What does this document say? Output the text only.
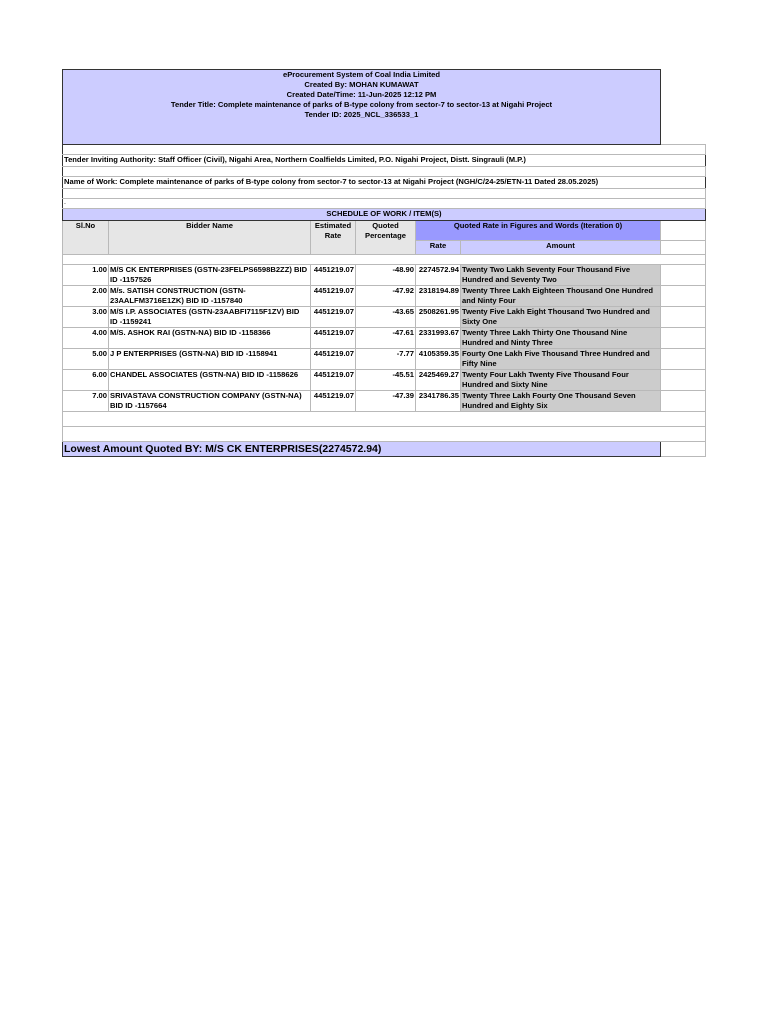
eProcurement System of Coal India Limited
Created By: MOHAN KUMAWAT
Created Date/Time: 11-Jun-2025 12:12 PM
Tender Title: Complete maintenance of parks of B-type colony from sector-7 to sector-13 at Nigahi Project
Tender ID: 2025_NCL_336533_1						

Tender Inviting Authority: Staff Officer (Civil), Nigahi Area, Northern Coalfields Limited, P.O. Nigahi Project, Distt. Singrauli (M.P.)						

Name of Work: Complete maintenance of parks of B-type colony from sector-7 to sector-13 at Nigahi Project (NGH/C/24-25/ETN-11 Dated 28.05.2025)						

.						
SCHEDULE OF WORK / ITEM(S)						
Sl.No	Bidder Name	Estimated Rate	Quoted Percentage	Quoted Rate in Figures and Words (Iteration 0)		
				Rate	Amount	

1.00	M/S CK ENTERPRISES (GSTN-23FELPS6598B2ZZ) BID ID -1157526	4451219.07	-48.90	2274572.94	Twenty Two Lakh Seventy Four Thousand Five Hundred and Seventy Two	
2.00	M/s. SATISH CONSTRUCTION (GSTN-23AALFM3716E1ZK) BID ID -1157840	4451219.07	-47.92	2318194.89	Twenty Three Lakh Eighteen Thousand One Hundred and Ninty Four	
3.00	M/S I.P. ASSOCIATES (GSTN-23AABFI7115F1ZV) BID ID -1159241	4451219.07	-43.65	2508261.95	Twenty Five Lakh Eight Thousand Two Hundred and Sixty One	
4.00	M/S. ASHOK RAI (GSTN-NA) BID ID -1158366	4451219.07	-47.61	2331993.67	Twenty Three Lakh Thirty One Thousand Nine Hundred and Ninty Three	
5.00	J P ENTERPRISES (GSTN-NA) BID ID -1158941	4451219.07	-7.77	4105359.35	Fourty One Lakh Five Thousand Three Hundred and Fifty Nine	
6.00	CHANDEL ASSOCIATES (GSTN-NA) BID ID -1158626	4451219.07	-45.51	2425469.27	Twenty Four Lakh Twenty Five Thousand Four Hundred and Sixty Nine	
7.00	SRIVASTAVA CONSTRUCTION COMPANY (GSTN-NA) BID ID -1157664	4451219.07	-47.39	2341786.35	Twenty Three Lakh Fourty One Thousand Seven Hundred and Eighty Six	

Lowest Amount Quoted BY: M/S CK ENTERPRISES(2274572.94)						
